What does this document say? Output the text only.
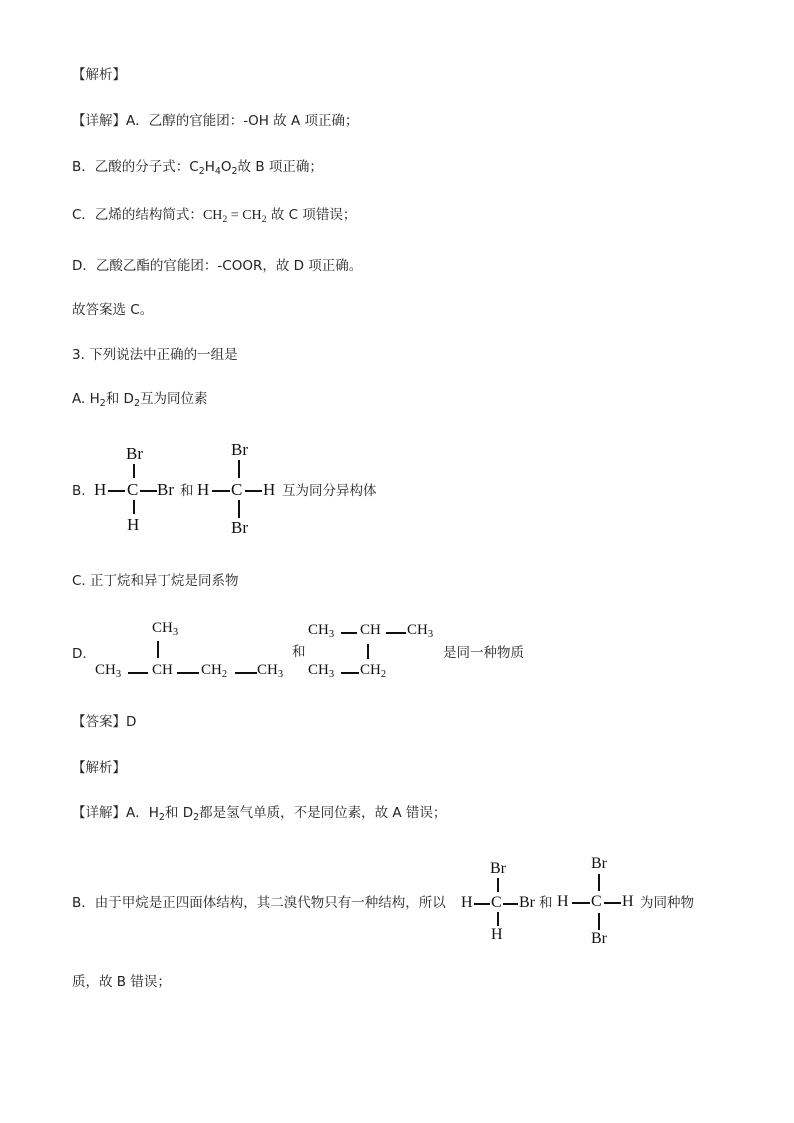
【解析】
【详解】A．乙醇的官能团：-OH 故 A 项正确；
B．乙酸的分子式：$C_2H_4O_2$故 B 项正确；
C．乙烯的结构简式：$CH_2 = CH_2$ 故 C 项错误；
D．乙酸乙酯的官能团：-COOR，故 D 项正确。
故答案选 C。
3. 下列说法中正确的一组是
A. $H_2$和 $D_2$互为同位素
B.
Br
H C Br
H
和
Br
H C H
Br
互为同分异构体
C. 正丁烷和异丁烷是同系物
D.
$CH_3$
$CH_3$ CH $CH_2$ $CH_3$
和
$CH_3$ CH $CH_3$
$CH_3$ $CH_2$
是同一种物质
【答案】D
【解析】
【详解】A．$H_2$和 $D_2$都是氢气单质，不是同位素，故 A 错误；
B．由于甲烷是正四面体结构，其二溴代物只有一种结构，所以
Br
H C Br
H
和
Br
H C H
Br
为同种物
质，故 B 错误；
